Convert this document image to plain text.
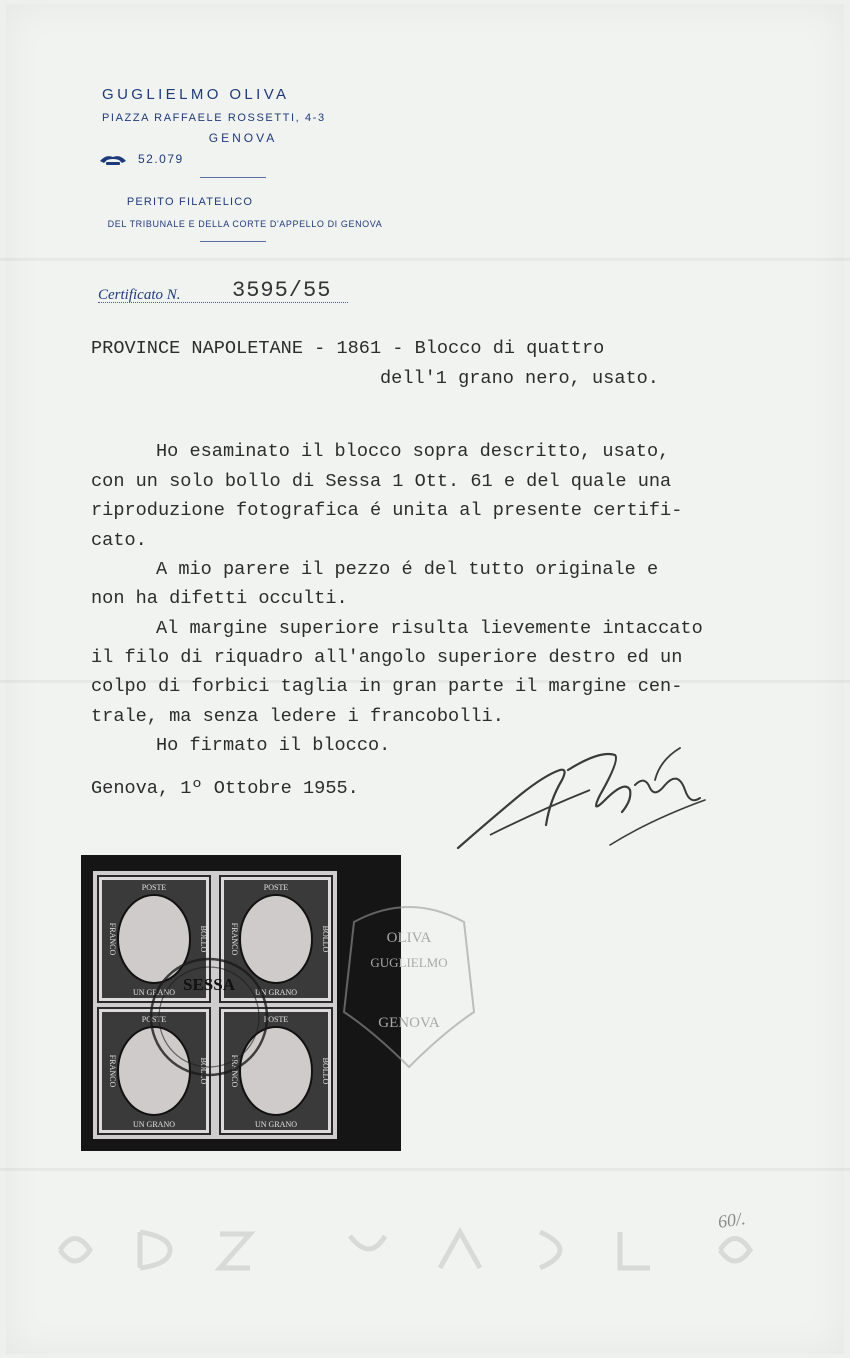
GUGLIELMO OLIVA
PIAZZA RAFFAELE ROSSETTI, 4-3
GENOVA
52.079
PERITO FILATELICO
DEL TRIBUNALE E DELLA CORTE D'APPELLO DI GENOVA
Certificato N. 3595/55
PROVINCE NAPOLETANE - 1861 - Blocco di quattro
dell'1 grano nero, usato.
Ho esaminato il blocco sopra descritto, usato,
con un solo bollo di Sessa 1 Ott. 61 e del quale una
riproduzione fotografica é unita al presente certifi-
cato.
A mio parere il pezzo é del tutto originale e
non ha difetti occulti.
Al margine superiore risulta lievemente intaccato
il filo di riquadro all'angolo superiore destro ed un
colpo di forbici taglia in gran parte il margine cen-
trale, ma senza ledere i francobolli.
Ho firmato il blocco.
Genova, 1º Ottobre 1955.
POSTE
UN GRANO
FRANCO	BOLLO
POSTE
UN GRANO
FRANCO	BOLLO
POSTE
UN GRANO
FRANCO	BOLLO
POSTE
UN GRANO
FRANCO	BOLLO
SESSA
OLIVA
GUGLIELMO
GENOVA
60/.
